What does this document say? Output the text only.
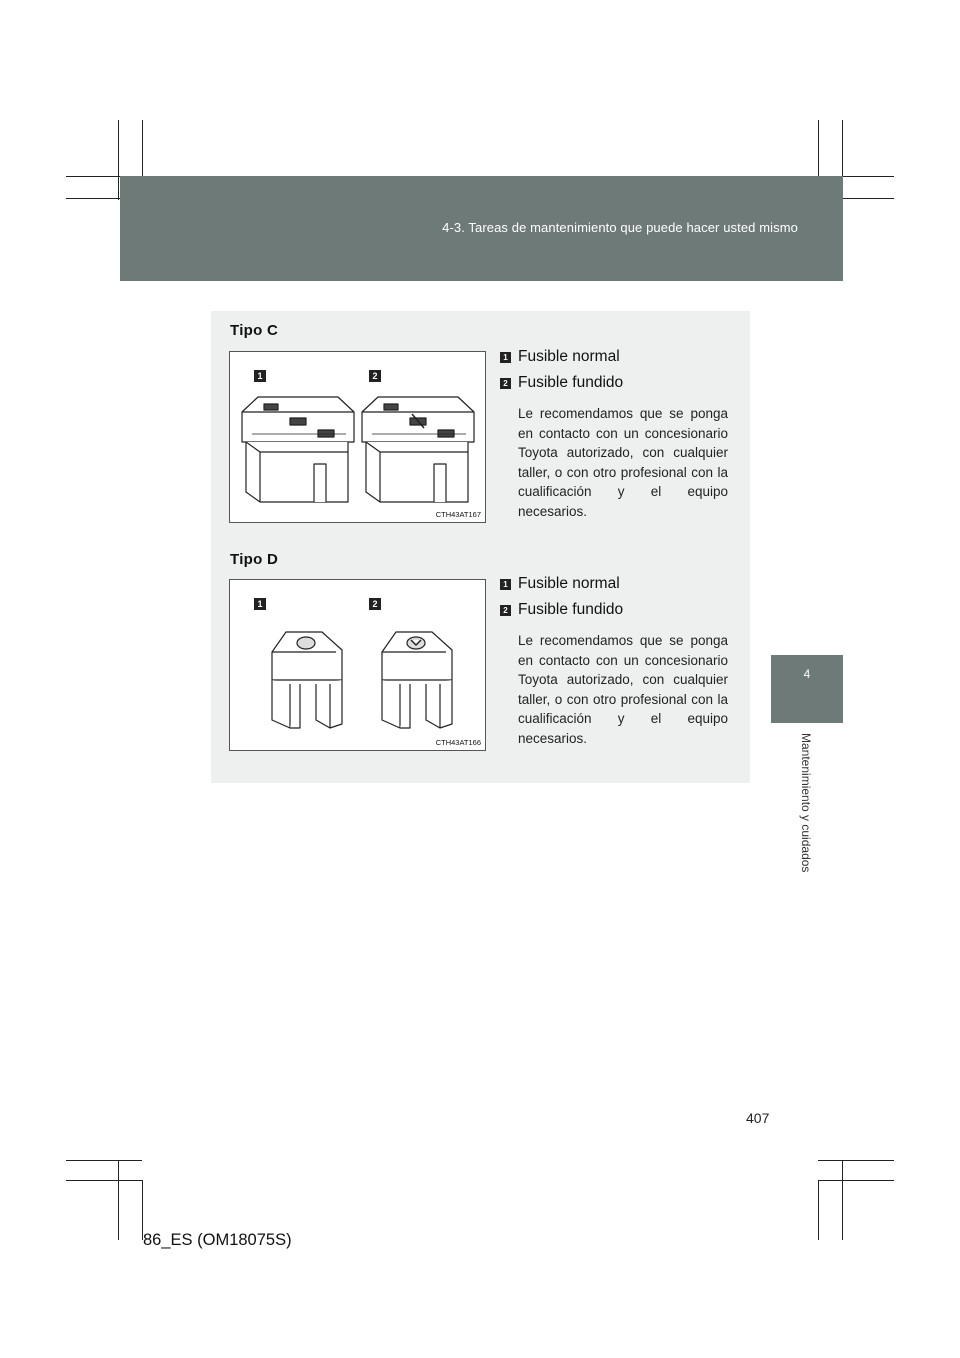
4-3. Tareas de mantenimiento que puede hacer usted mismo
4
Mantenimiento y cuidados
Tipo C
1	2
CTH43AT167
1 Fusible normal
2 Fusible fundido
Le recomendamos que se ponga en contacto con un concesionario Toyota autorizado, con cualquier taller, o con otro profesional con la cualificación y el equipo necesarios.
Tipo D
1	2
CTH43AT166
1 Fusible normal
2 Fusible fundido
Le recomendamos que se ponga en contacto con un concesionario Toyota autorizado, con cualquier taller, o con otro profesional con la cualificación y el equipo necesarios.
407
86_ES (OM18075S)
